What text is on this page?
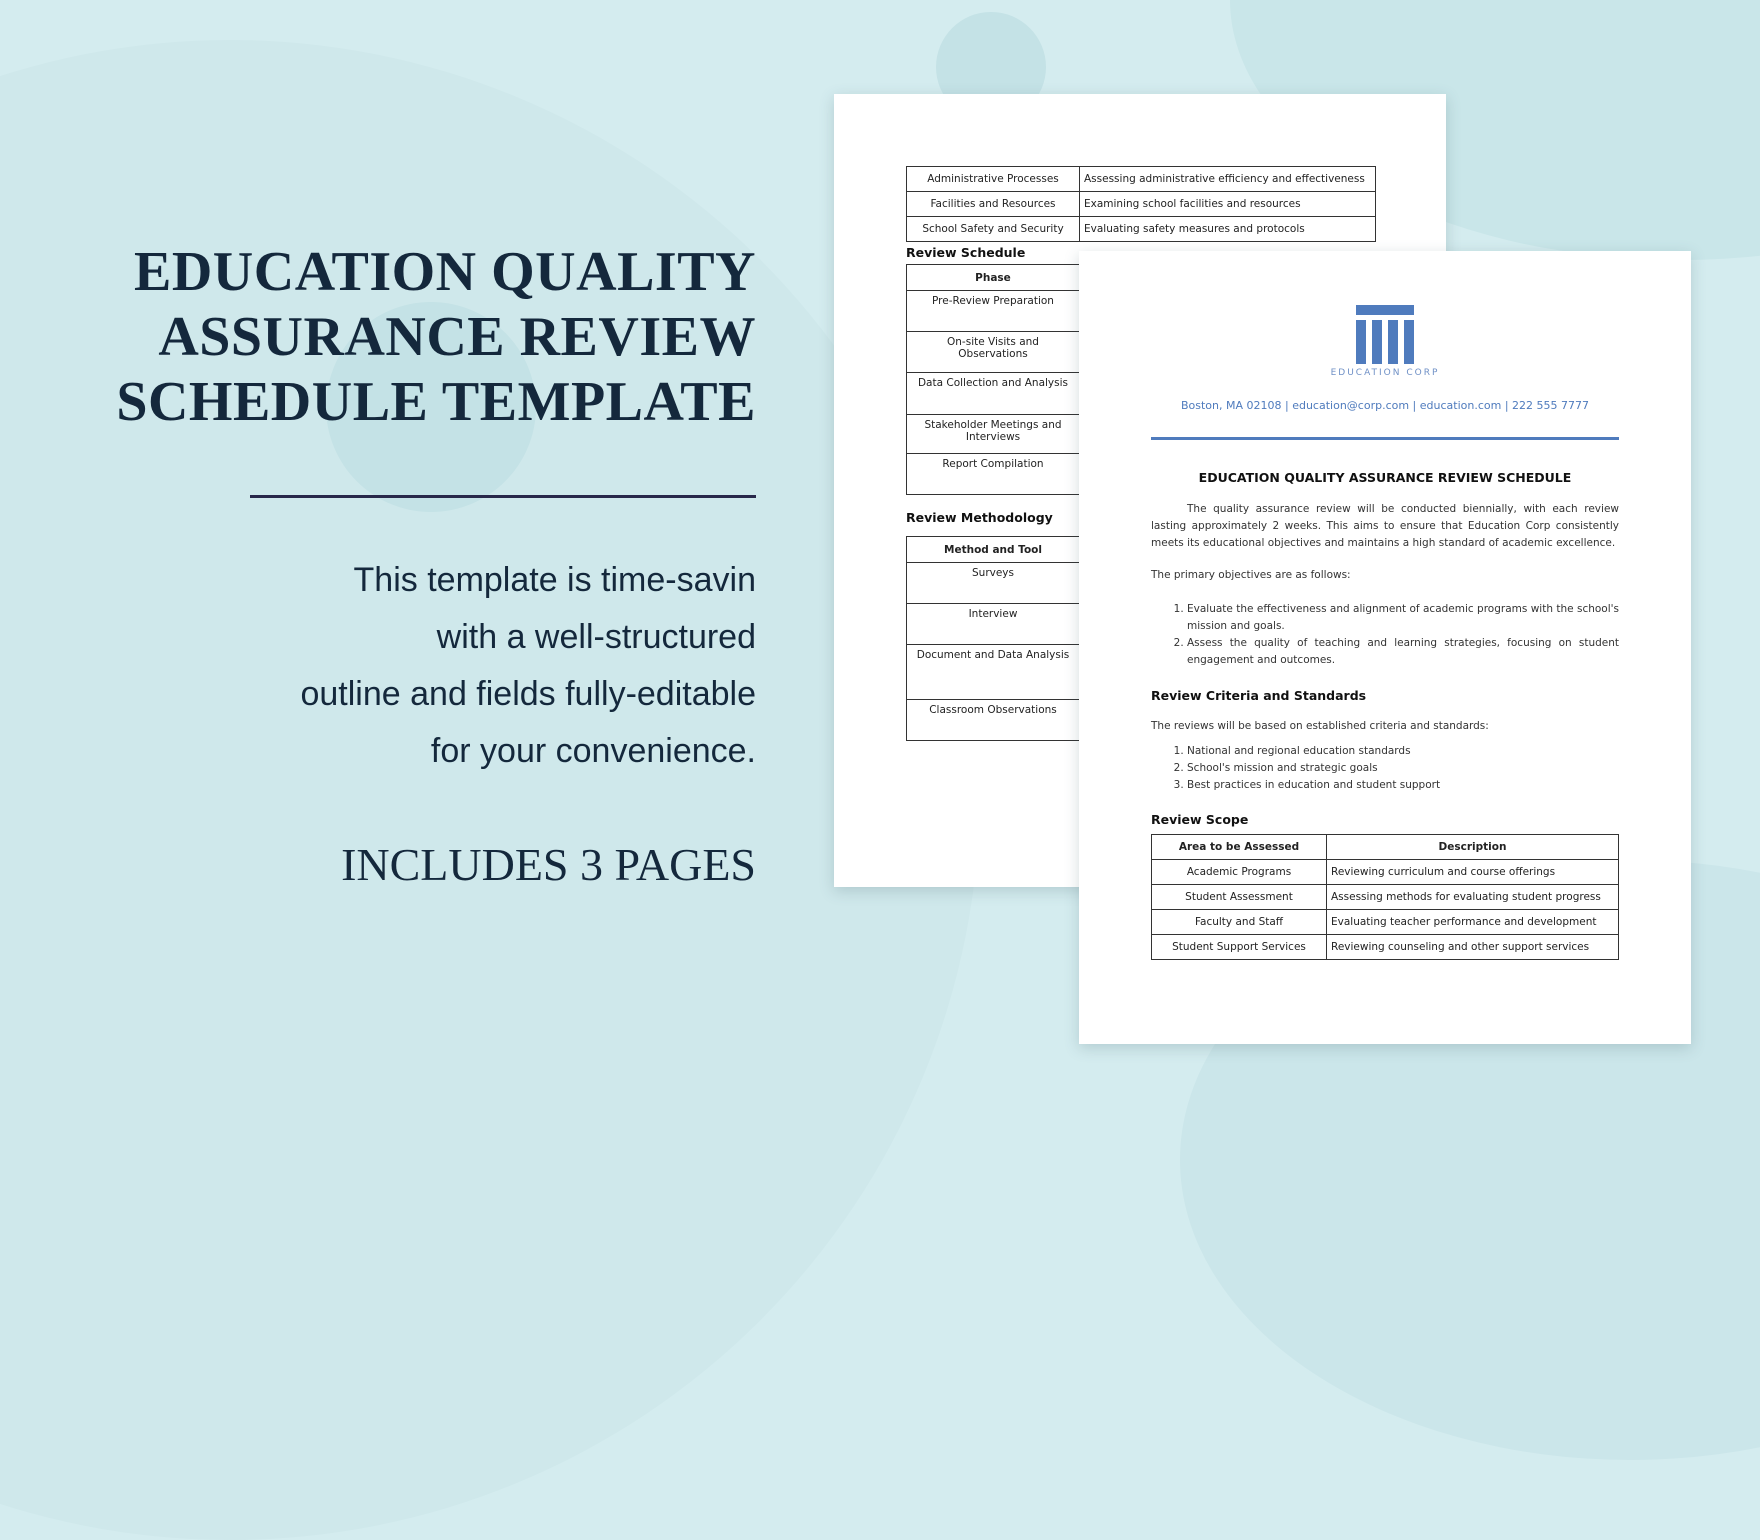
EDUCATION QUALITY
ASSURANCE REVIEW
SCHEDULE TEMPLATE

This template is time-savin
with a well-structured
outline and fields fully-editable
for your convenience.

INCLUDES 3 PAGES

Administrative Processes	Assessing administrative efficiency and effectiveness
Facilities and Resources	Examining school facilities and resources
School Safety and Security	Evaluating safety measures and protocols
Review Schedule
Phase
Pre-Review Preparation
On-site Visits and Observations
Data Collection and Analysis
Stakeholder Meetings and Interviews
Report Compilation
Review Methodology
Method and Tool
Surveys
Interview
Document and Data Analysis
Classroom Observations
EDUCATION CORP
Boston, MA 02108 | education@corp.com | education.com | 222 555 7777
EDUCATION QUALITY ASSURANCE REVIEW SCHEDULE

The quality assurance review will be conducted biennially, with each review lasting approximately 2 weeks. This aims to ensure that Education Corp consistently meets its educational objectives and maintains a high standard of academic excellence.

The primary objectives are as follows:

1. Evaluate the effectiveness and alignment of academic programs with the school's mission and goals.
2. Assess the quality of teaching and learning strategies, focusing on student engagement and outcomes.
Review Criteria and Standards

The reviews will be based on established criteria and standards:

1. National and regional education standards
2. School's mission and strategic goals
3. Best practices in education and student support
Review Scope
Area to be Assessed	Description
Academic Programs	Reviewing curriculum and course offerings
Student Assessment	Assessing methods for evaluating student progress
Faculty and Staff	Evaluating teacher performance and development
Student Support Services	Reviewing counseling and other support services
